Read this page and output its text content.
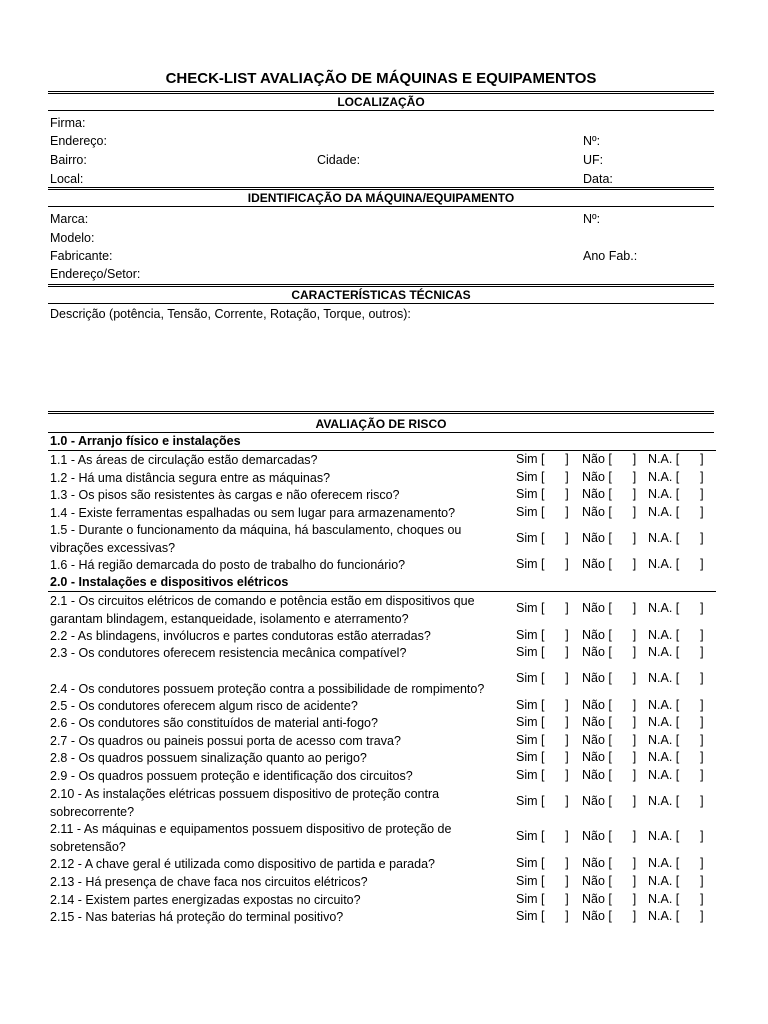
CHECK-LIST AVALIAÇÃO DE MÁQUINAS E EQUIPAMENTOS
LOCALIZAÇÃO
Firma:
Endereço:	Nº:
Bairro:	Cidade:	UF:
Local:	Data:
IDENTIFICAÇÃO DA MÁQUINA/EQUIPAMENTO
Marca:	Nº:
Modelo:
Fabricante:	Ano Fab.:
Endereço/Setor:
CARACTERÍSTICAS TÉCNICAS
Descrição (potência, Tensão, Corrente, Rotação, Torque, outros):
AVALIAÇÃO DE RISCO
1.0 - Arranjo físico e instalações
1.1 - As áreas de circulação estão demarcadas?	Sim [      ] Não [      ] N.A. [      ]
1.2 - Há uma distância segura entre as máquinas?	Sim [      ] Não [      ] N.A. [      ]
1.3 - Os pisos são resistentes às cargas e não oferecem risco?	Sim [      ] Não [      ] N.A. [      ]
1.4 - Existe ferramentas espalhadas ou sem lugar para armazenamento?	Sim [      ] Não [      ] N.A. [      ]
1.5 - Durante o funcionamento da máquina, há basculamento, choques ou vibrações excessivas?
Sim [      ] Não [      ] N.A. [      ]
1.6 - Há região demarcada do posto de trabalho do funcionário?	Sim [      ] Não [      ] N.A. [      ]
2.0 - Instalações e dispositivos elétricos
2.1 - Os circuitos elétricos de comando e potência estão em dispositivos que garantam blindagem, estanqueidade, isolamento e aterramento?
Sim [      ] Não [      ] N.A. [      ]
2.2 - As blindagens, invólucros e partes condutoras estão aterradas?	Sim [      ] Não [      ] N.A. [      ]
2.3 - Os condutores oferecem resistencia mecânica compatível?	Sim [      ] Não [      ] N.A. [      ]
2.4 - Os condutores possuem proteção contra a possibilidade de rompimento?
Sim [      ] Não [      ] N.A. [      ]
2.5 - Os condutores oferecem algum risco de acidente?	Sim [      ] Não [      ] N.A. [      ]
2.6 - Os condutores são constituídos de material anti-fogo?	Sim [      ] Não [      ] N.A. [      ]
2.7 - Os quadros ou paineis possui porta de acesso com trava?	Sim [      ] Não [      ] N.A. [      ]
2.8 - Os quadros possuem sinalização quanto ao perigo?	Sim [      ] Não [      ] N.A. [      ]
2.9 - Os quadros possuem proteção e identificação dos circuitos?	Sim [      ] Não [      ] N.A. [      ]
2.10 - As instalações elétricas possuem dispositivo de proteção contra sobrecorrente?
Sim [      ] Não [      ] N.A. [      ]
2.11 - As máquinas e equipamentos possuem dispositivo de proteção de sobretensão?
Sim [      ] Não [      ] N.A. [      ]
2.12 - A chave geral é utilizada como dispositivo de partida e parada?	Sim [      ] Não [      ] N.A. [      ]
2.13 - Há presença de chave faca nos circuitos elétricos?	Sim [      ] Não [      ] N.A. [      ]
2.14 - Existem partes energizadas expostas no circuito?	Sim [      ] Não [      ] N.A. [      ]
2.15 - Nas baterias há proteção do terminal positivo?	Sim [      ] Não [      ] N.A. [      ]
